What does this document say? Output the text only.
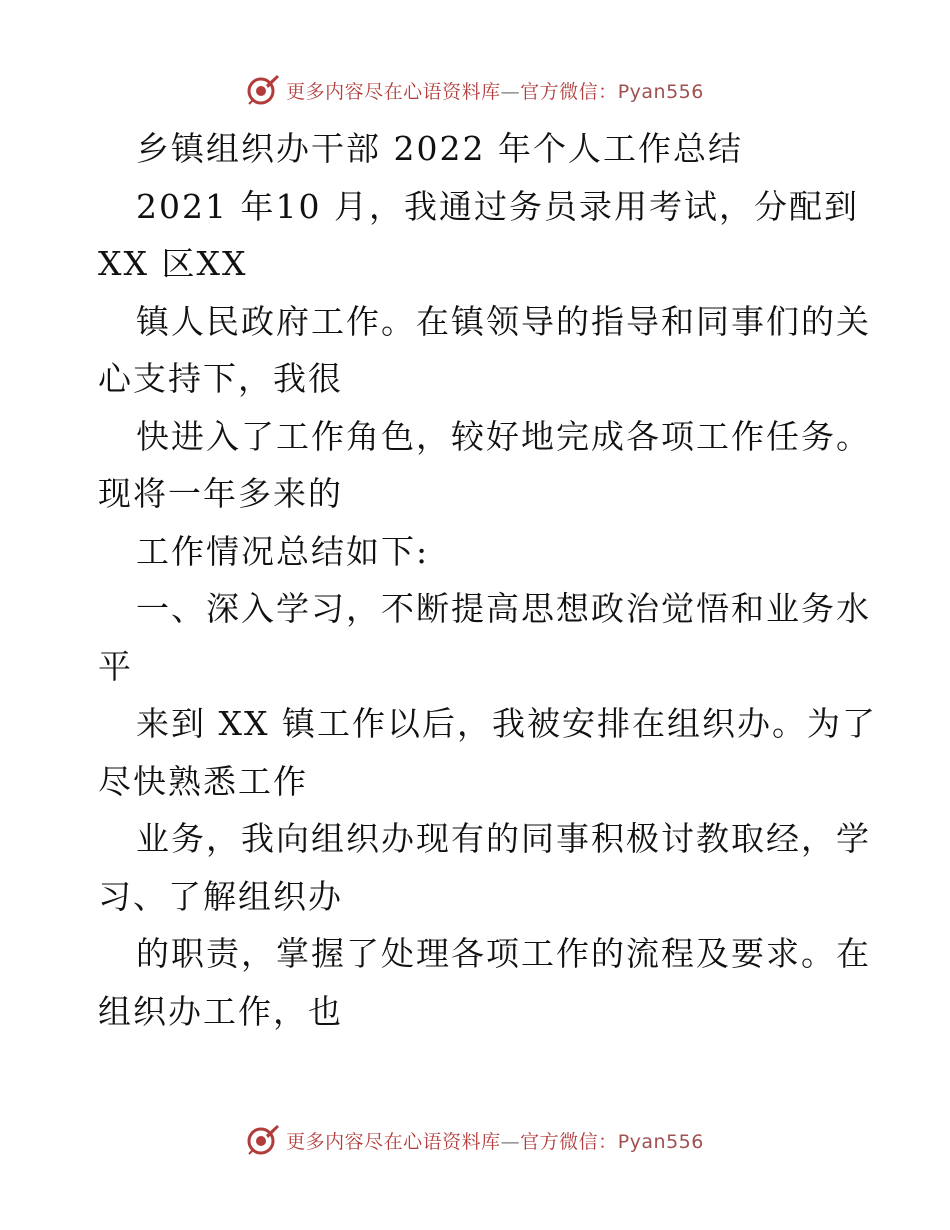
更多内容尽在心语资料库—官方微信：Pyan556
乡镇组织办干部 2022 年个人工作总结
2021 年10 月，我通过务员录用考试，分配到
XX 区XX
镇人民政府工作。在镇领导的指导和同事们的关
心支持下，我很
快进入了工作角色，较好地完成各项工作任务。
现将一年多来的
工作情况总结如下:
一、深入学习，不断提高思想政治觉悟和业务水
平
来到 XX 镇工作以后，我被安排在组织办。为了
尽快熟悉工作
业务，我向组织办现有的同事积极讨教取经，学
习、了解组织办
的职责，掌握了处理各项工作的流程及要求。在
组织办工作，也
更多内容尽在心语资料库—官方微信：Pyan556
